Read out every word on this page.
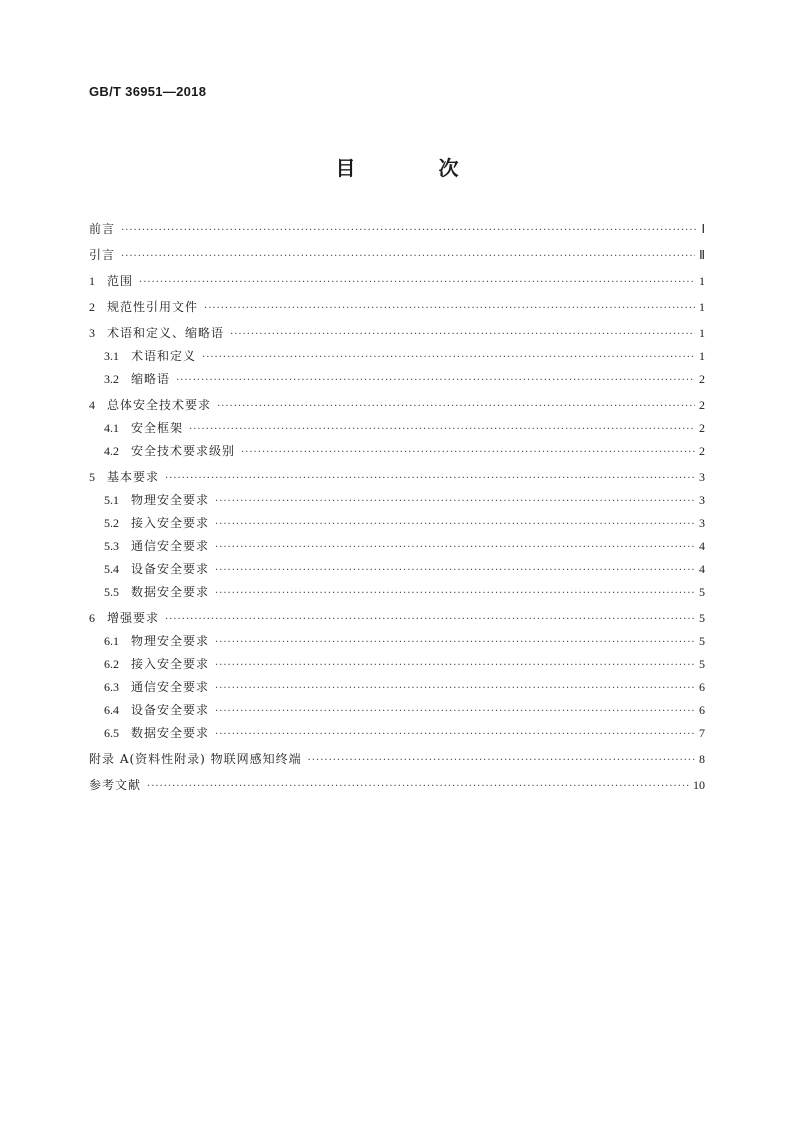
GB/T 36951—2018
目 次
前言 ·····	Ⅰ
引言 ·····	Ⅱ
1 范围 ·····	1
2 规范性引用文件 ·····	1
3 术语和定义、缩略语 ·····	1
3.1 术语和定义 ·····	1
3.2 缩略语 ·····	2
4 总体安全技术要求 ·····	2
4.1 安全框架 ·····	2
4.2 安全技术要求级别 ·····	2
5 基本要求 ·····	3
5.1 物理安全要求 ·····	3
5.2 接入安全要求 ·····	3
5.3 通信安全要求 ·····	4
5.4 设备安全要求 ·····	4
5.5 数据安全要求 ·····	5
6 增强要求 ·····	5
6.1 物理安全要求 ·····	5
6.2 接入安全要求 ·····	5
6.3 通信安全要求 ·····	6
6.4 设备安全要求 ·····	6
6.5 数据安全要求 ·····	7
附录 A(资料性附录) 物联网感知终端 ·····	8
参考文献 ·····	10
